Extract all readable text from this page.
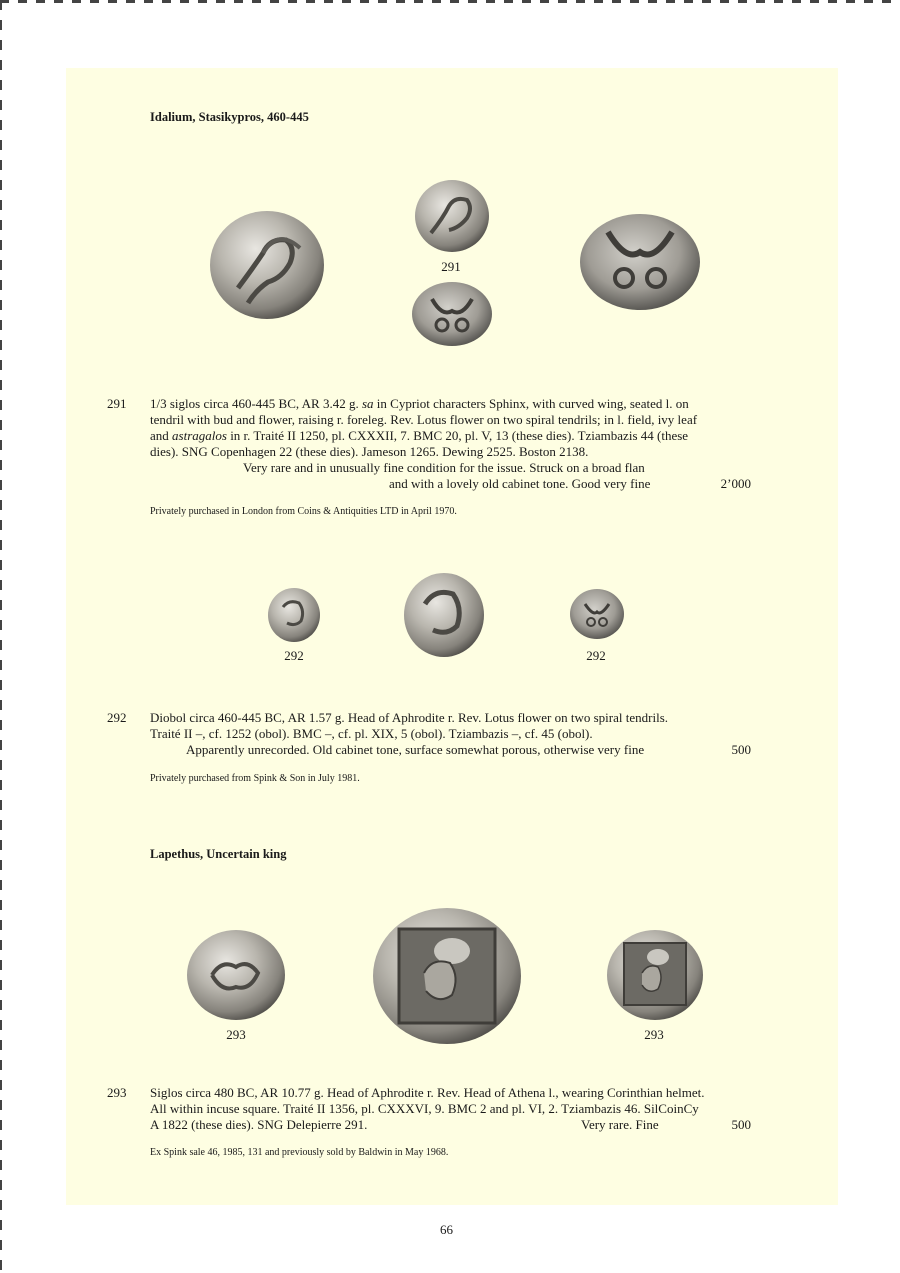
Idalium, Stasikypros, 460-445
291
291 1/3 siglos circa 460-445 BC, AR 3.42 g. sa in Cypriot characters Sphinx, with curved wing, seated l. on
tendril with bud and flower, raising r. foreleg. Rev. Lotus flower on two spiral tendrils; in l. field, ivy leaf
and astragalos in r. Traité II 1250, pl. CXXXII, 7. BMC 20, pl. V, 13 (these dies). Tziambazis 44 (these
dies). SNG Copenhagen 22 (these dies). Jameson 1265. Dewing 2525. Boston 2138.
Very rare and in unusually fine condition for the issue. Struck on a broad flan
and with a lovely old cabinet tone. Good very fine	2’000
Privately purchased in London from Coins & Antiquities LTD in April 1970.
292	292
292 Diobol circa 460-445 BC, AR 1.57 g. Head of Aphrodite r. Rev. Lotus flower on two spiral tendrils.
Traité II –, cf. 1252 (obol). BMC –, cf. pl. XIX, 5 (obol). Tziambazis –, cf. 45 (obol).
Apparently unrecorded. Old cabinet tone, surface somewhat porous, otherwise very fine	500
Privately purchased from Spink & Son in July 1981.
Lapethus, Uncertain king
293	293
293 Siglos circa 480 BC, AR 10.77 g. Head of Aphrodite r. Rev. Head of Athena l., wearing Corinthian helmet.
All within incuse square. Traité II 1356, pl. CXXXVI, 9. BMC 2 and pl. VI, 2. Tziambazis 46. SilCoinCy
A 1822 (these dies). SNG Delepierre 291.	Very rare. Fine	500
Ex Spink sale 46, 1985, 131 and previously sold by Baldwin in May 1968.
66
